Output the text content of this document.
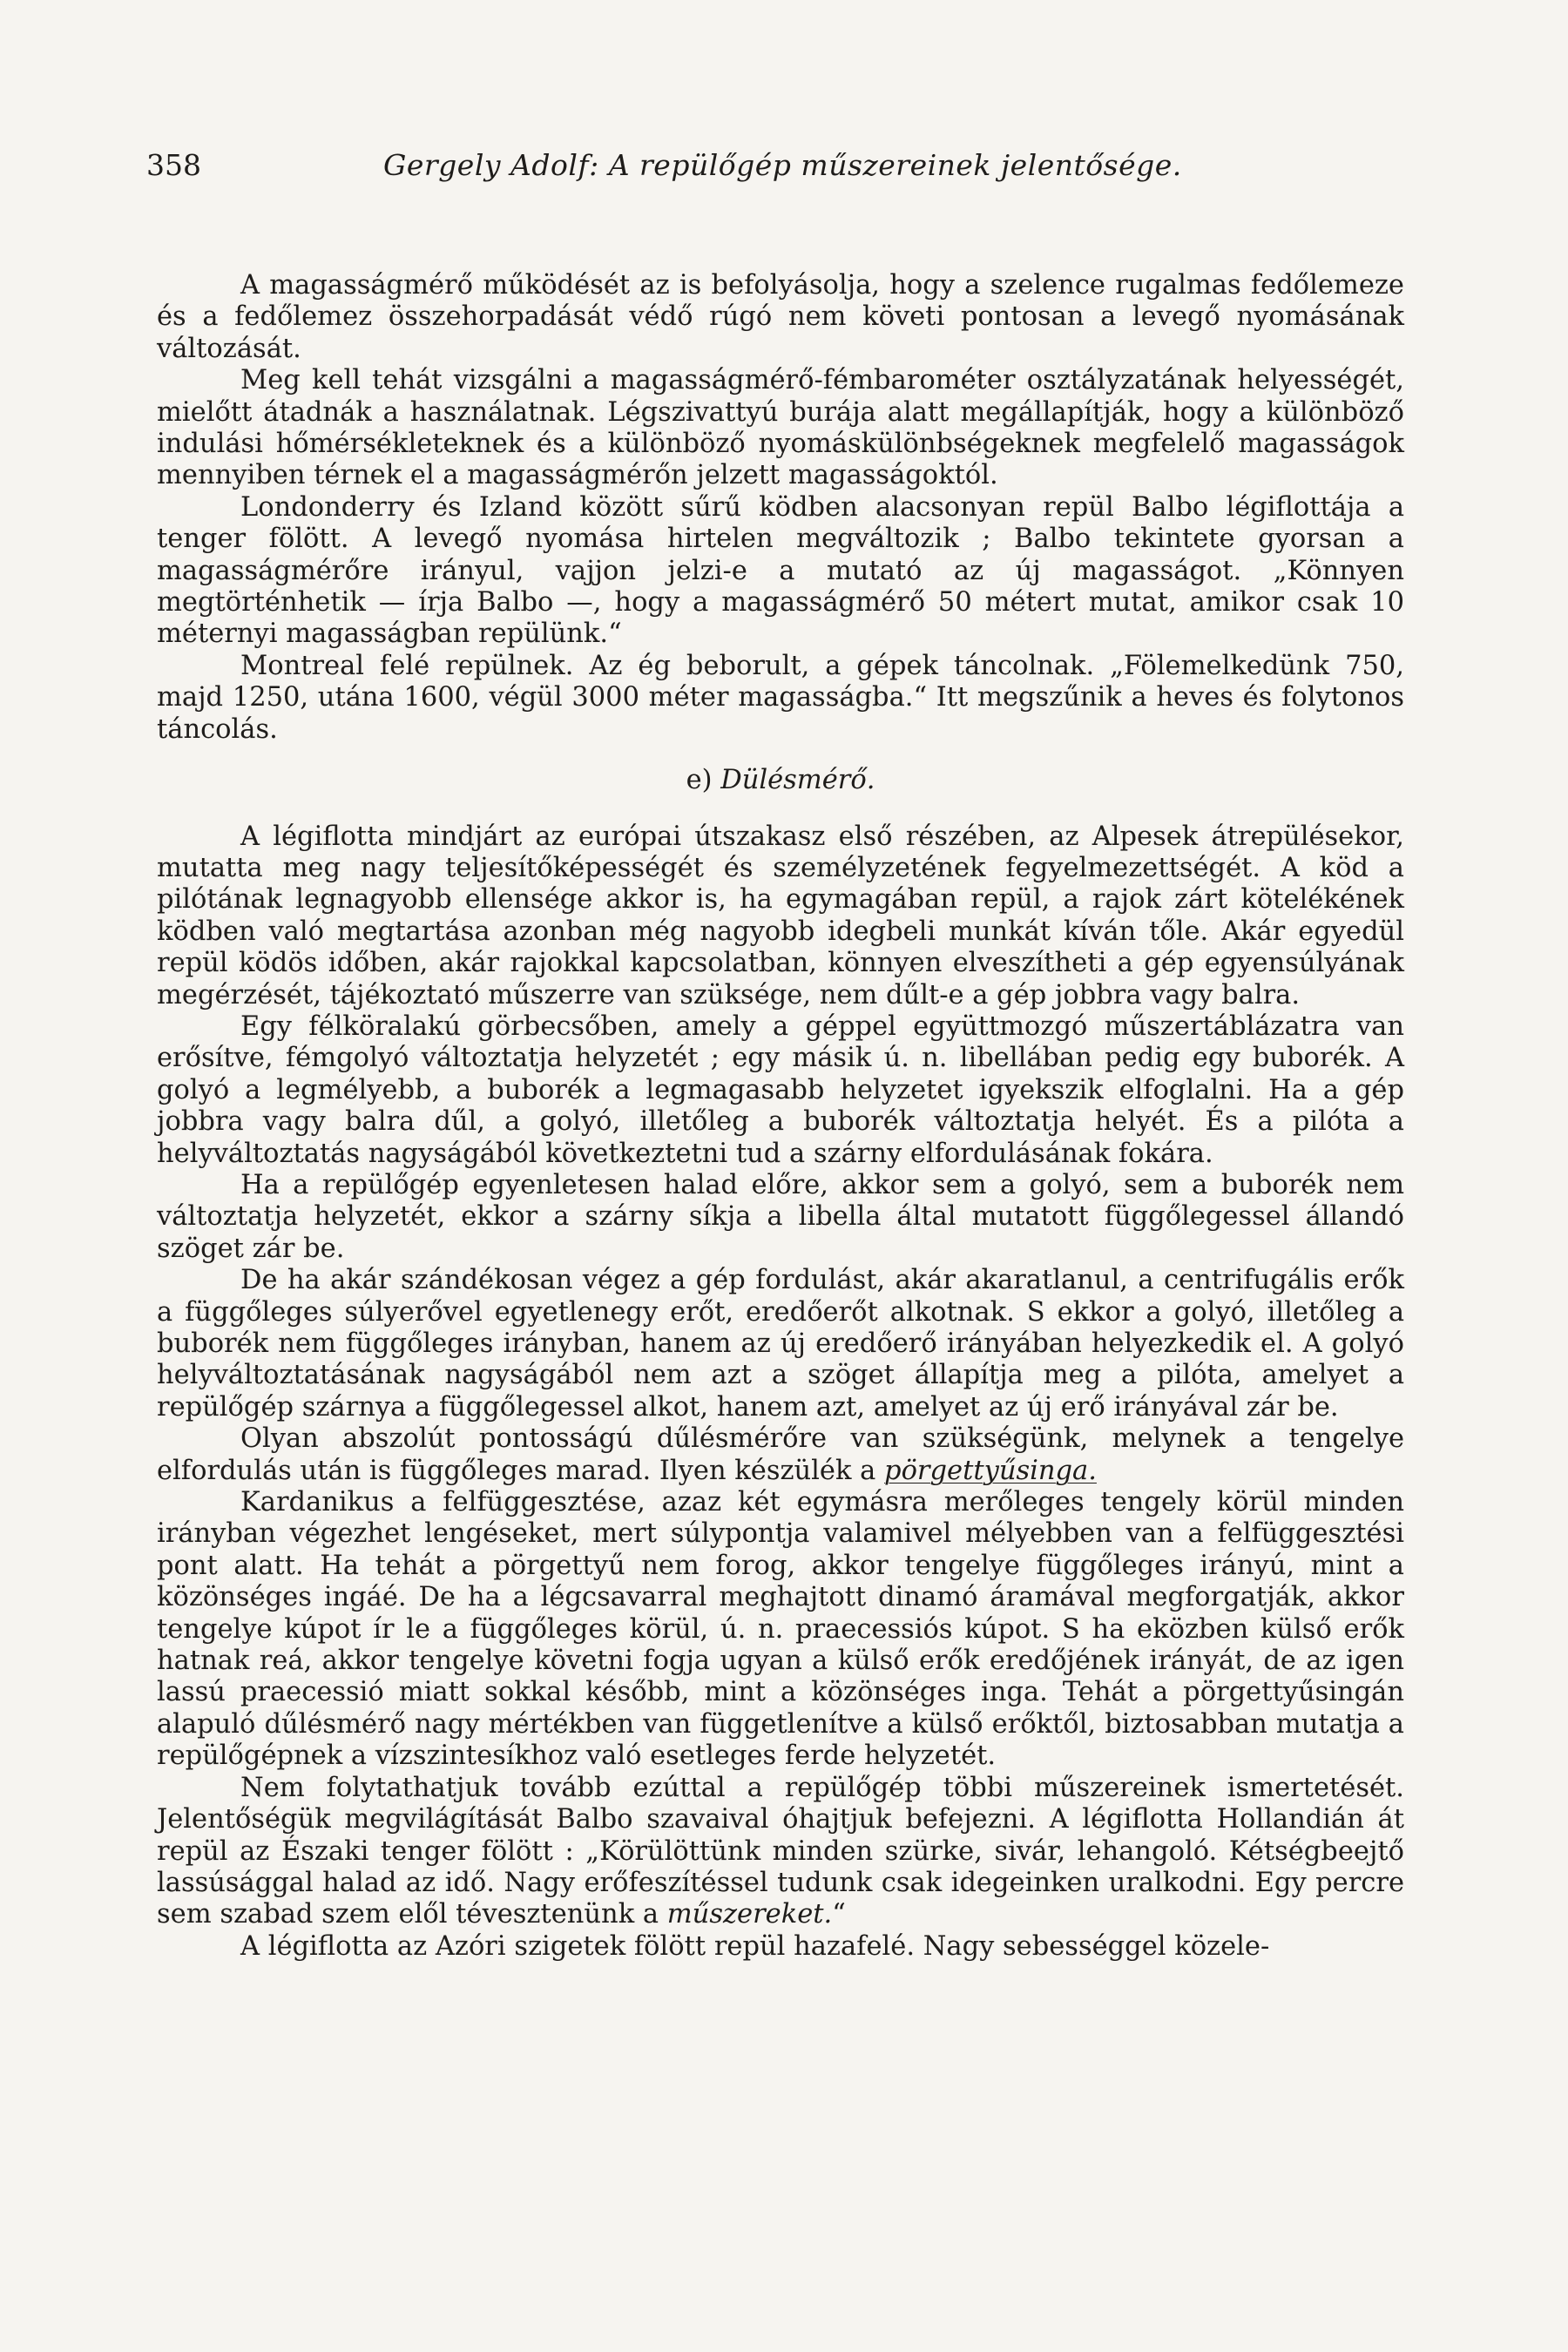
358	Gergely Adolf: A repülőgép műszereinek jelentősége.

A magasságmérő működését az is befolyásolja, hogy a szelence rugalmas fedőlemeze és a fedőlemez összehorpadását védő rúgó nem követi pontosan a levegő nyomásának változását.

Meg kell tehát vizsgálni a magasságmérő-fémbarométer osztályzatának helyességét, mielőtt átadnák a használatnak. Légszivattyú burája alatt megállapítják, hogy a különböző indulási hőmérsékleteknek és a különböző nyomáskülönbségeknek megfelelő magasságok mennyiben térnek el a magasságmérőn jelzett magasságoktól.

Londonderry és Izland között sűrű ködben alacsonyan repül Balbo légiflottája a tenger fölött. A levegő nyomása hirtelen megváltozik ; Balbo tekintete gyorsan a magasságmérőre irányul, vajjon jelzi-e a mutató az új magasságot. „Könnyen megtörténhetik — írja Balbo —, hogy a magasságmérő 50 métert mutat, amikor csak 10 méternyi magasságban repülünk.“

Montreal felé repülnek. Az ég beborult, a gépek táncolnak. „Fölemelkedünk 750, majd 1250, utána 1600, végül 3000 méter magasságba.“ Itt megszűnik a heves és folytonos táncolás.

e) Dülésmérő.

A légiflotta mindjárt az európai útszakasz első részében, az Alpesek átrepülésekor, mutatta meg nagy teljesítőképességét és személyzetének fegyelmezettségét. A köd a pilótának legnagyobb ellensége akkor is, ha egymagában repül, a rajok zárt kötelékének ködben való megtartása azonban még nagyobb idegbeli munkát kíván tőle. Akár egyedül repül ködös időben, akár rajokkal kapcsolatban, könnyen elveszítheti a gép egyensúlyának megérzését, tájékoztató műszerre van szüksége, nem dűlt-e a gép jobbra vagy balra.

Egy félköralakú görbecsőben, amely a géppel együttmozgó műszertáblázatra van erősítve, fémgolyó változtatja helyzetét ; egy másik ú. n. libellában pedig egy buborék. A golyó a legmélyebb, a buborék a legmagasabb helyzetet igyekszik elfoglalni. Ha a gép jobbra vagy balra dűl, a golyó, illetőleg a buborék változtatja helyét. És a pilóta a helyváltoztatás nagyságából következtetni tud a szárny elfordulásának fokára.

Ha a repülőgép egyenletesen halad előre, akkor sem a golyó, sem a buborék nem változtatja helyzetét, ekkor a szárny síkja a libella által mutatott függőlegessel állandó szöget zár be.

De ha akár szándékosan végez a gép fordulást, akár akaratlanul, a centrifugális erők a függőleges súlyerővel egyetlenegy erőt, eredőerőt alkotnak. S ekkor a golyó, illetőleg a buborék nem függőleges irányban, hanem az új eredőerő irányában helyezkedik el. A golyó helyváltoztatásának nagyságából nem azt a szöget állapítja meg a pilóta, amelyet a repülőgép szárnya a függőlegessel alkot, hanem azt, amelyet az új erő irányával zár be.

Olyan abszolút pontosságú dűlésmérőre van szükségünk, melynek a tengelye elfordulás után is függőleges marad. Ilyen készülék a pörgettyűsinga.

Kardanikus a felfüggesztése, azaz két egymásra merőleges tengely körül minden irányban végezhet lengéseket, mert súlypontja valamivel mélyebben van a felfüggesztési pont alatt. Ha tehát a pörgettyű nem forog, akkor tengelye függőleges irányú, mint a közönséges ingáé. De ha a légcsavarral meghajtott dinamó áramával megforgatják, akkor tengelye kúpot ír le a függőleges körül, ú. n. praecessiós kúpot. S ha eközben külső erők hatnak reá, akkor tengelye követni fogja ugyan a külső erők eredőjének irányát, de az igen lassú praecessió miatt sokkal később, mint a közönséges inga. Tehát a pörgettyűsingán alapuló dűlésmérő nagy mértékben van függetlenítve a külső erőktől, biztosabban mutatja a repülőgépnek a vízszintesíkhoz való esetleges ferde helyzetét.

Nem folytathatjuk tovább ezúttal a repülőgép többi műszereinek ismertetését. Jelentőségük megvilágítását Balbo szavaival óhajtjuk befejezni. A légiflotta Hollandián át repül az Északi tenger fölött : „Körülöttünk minden szürke, sivár, lehangoló. Kétségbeejtő lassúsággal halad az idő. Nagy erőfeszítéssel tudunk csak idegeinken uralkodni. Egy percre sem szabad szem elől tévesztenünk a műszereket.“

A légiflotta az Azóri szigetek fölött repül hazafelé. Nagy sebességgel közele-
